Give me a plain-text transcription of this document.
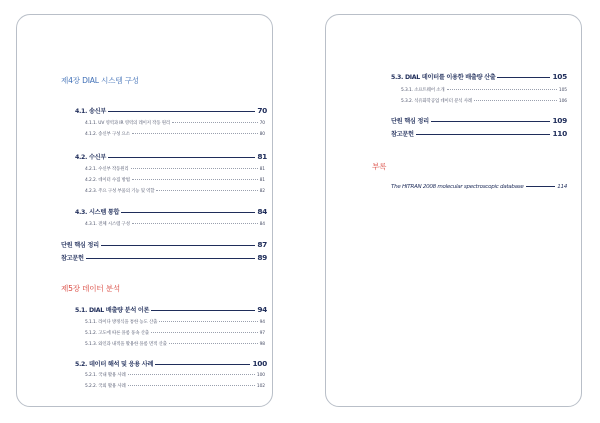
제4장 DIAL 시스템 구성
4.1. 송신부	70
4.1.1. UV 영역과 IR 영역의 레이저 작동 원리	70
4.1.2. 송신부 구성 요소	80
4.2. 수신부	81
4.2.1. 수신부 작동원리	81
4.2.2. 데이터 수집 방법	81
4.2.3. 주요 구성 부품의 기능 및 역할	82
4.3. 시스템 통합	84
4.3.1. 전체 시스템 구성	84
단원 핵심 정리	87
참고문헌	89
제5장 데이터 분석
5.1. DIAL 배출량 분석 이론	94
5.1.1. 라이다 방정식을 통한 농도 산출	94
5.1.2. 고도에 따른 플룸 풍속 산출	97
5.1.3. 와인과 내적을 활용한 플룸 면적 산출	98
5.2. 데이터 해석 및 응용 사례	100
5.2.1. 국내 활용 사례	100
5.2.2. 국외 활용 사례	102
5.3. DIAL 데이터를 이용한 배출량 산출	105
5.3.1. 소프트웨어 소개	105
5.3.2. 석유화학공업 데이터 분석 사례	106
단원 핵심 정리	109
참고문헌	110
부록
The HITRAN 2008 molecular spectroscopic database	114
